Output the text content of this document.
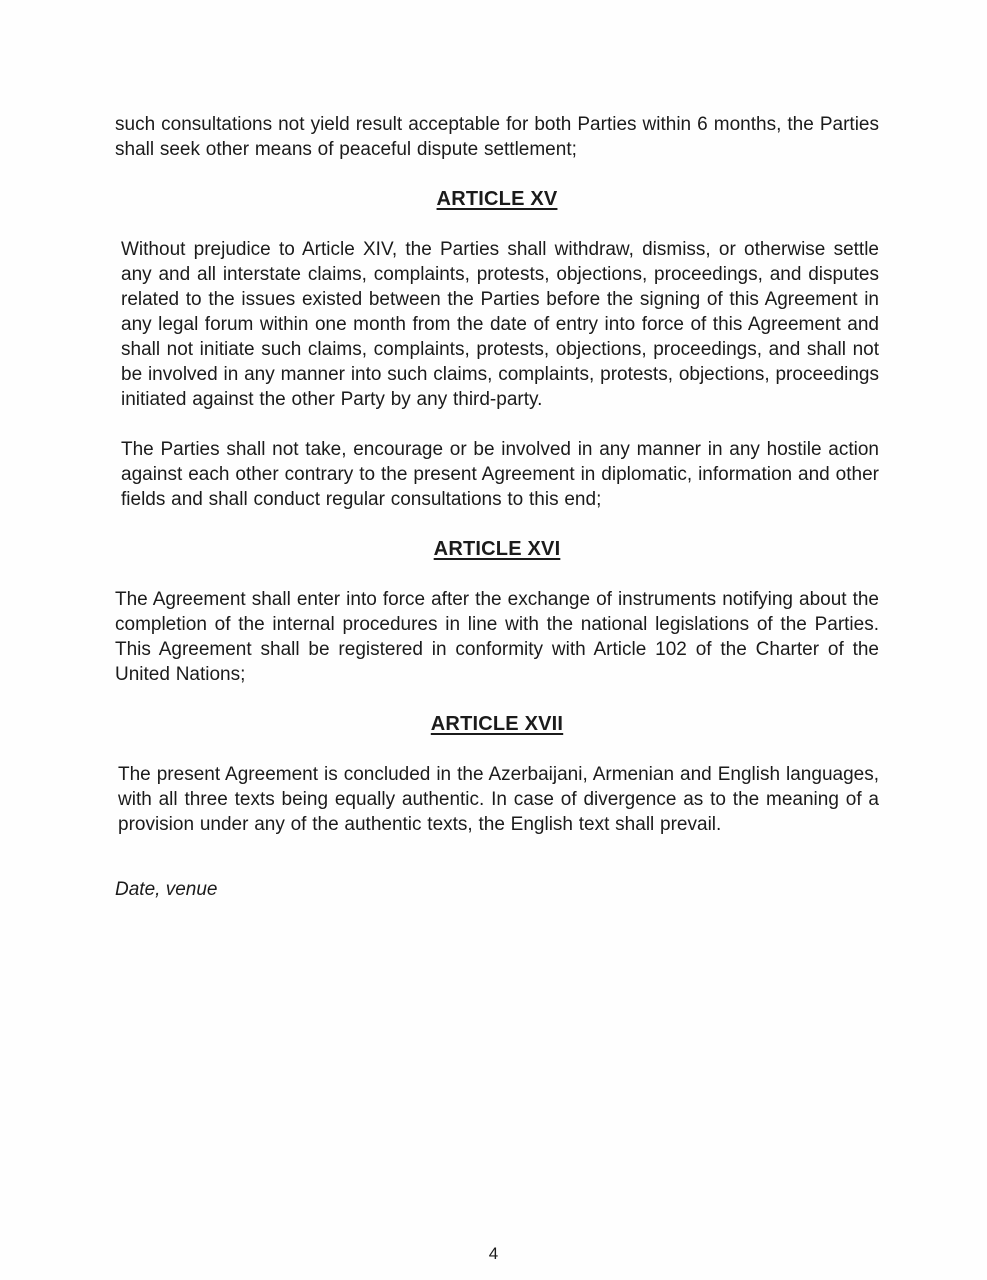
such consultations not yield result acceptable for both Parties within 6 months, the Parties shall seek other means of peaceful dispute settlement;

ARTICLE XV

Without prejudice to Article XIV, the Parties shall withdraw, dismiss, or otherwise settle any and all interstate claims, complaints, protests, objections, proceedings, and disputes related to the issues existed between the Parties before the signing of this Agreement in any legal forum within one month from the date of entry into force of this Agreement and shall not initiate such claims, complaints, protests, objections, proceedings, and shall not be involved in any manner into such claims, complaints, protests, objections, proceedings initiated against the other Party by any third-party.

The Parties shall not take, encourage or be involved in any manner in any hostile action against each other contrary to the present Agreement in diplomatic, information and other fields and shall conduct regular consultations to this end;

ARTICLE XVI

The Agreement shall enter into force after the exchange of instruments notifying about the completion of the internal procedures in line with the national legislations of the Parties. This Agreement shall be registered in conformity with Article 102 of the Charter of the United Nations;

ARTICLE XVII

The present Agreement is concluded in the Azerbaijani, Armenian and English languages, with all three texts being equally authentic. In case of divergence as to the meaning of a provision under any of the authentic texts, the English text shall prevail.

Date, venue

4
